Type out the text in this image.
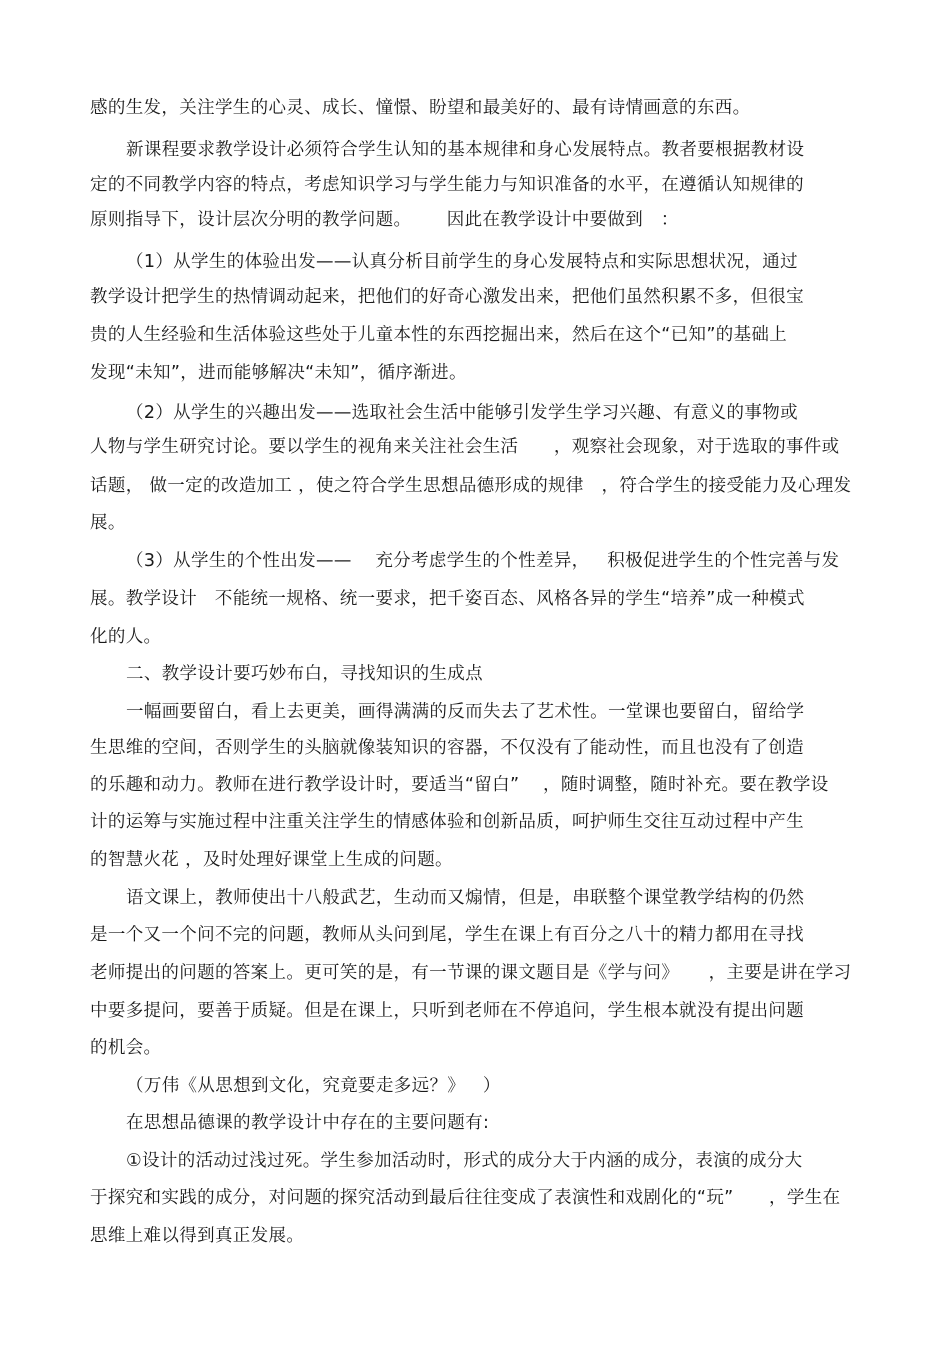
感的生发，关注学生的心灵、成长、憧憬、盼望和最美好的、最有诗情画意的东西。
新课程要求教学设计必须符合学生认知的基本规律和身心发展特点。教者要根据教材设
定的不同教学内容的特点，考虑知识学习与学生能力与知识准备的水平，在遵循认知规律的
原则指导下，设计层次分明的教学问题。      因此在教学设计中要做到   ：
（1）从学生的体验出发——认真分析目前学生的身心发展特点和实际思想状况，通过
教学设计把学生的热情调动起来，把他们的好奇心激发出来，把他们虽然积累不多，但很宝
贵的人生经验和生活体验这些处于儿童本性的东西挖掘出来，然后在这个“已知”的基础上
发现“未知”，进而能够解决“未知”，循序渐进。
（2）从学生的兴趣出发——选取社会生活中能够引发学生学习兴趣、有意义的事物或
人物与学生研究讨论。要以学生的视角来关注社会生活      ，观察社会现象，对于选取的事件或
话题， 做一定的改造加工 ，使之符合学生思想品德形成的规律   ，符合学生的接受能力及心理发
展。
（3）从学生的个性出发——    充分考虑学生的个性差异，   积极促进学生的个性完善与发
展。教学设计   不能统一规格、统一要求，把千姿百态、风格各异的学生“培养”成一种模式
化的人。
二、教学设计要巧妙布白，寻找知识的生成点
一幅画要留白，看上去更美，画得满满的反而失去了艺术性。一堂课也要留白，留给学
生思维的空间，否则学生的头脑就像装知识的容器，不仅没有了能动性，而且也没有了创造
的乐趣和动力。教师在进行教学设计时，要适当“留白”    ，随时调整，随时补充。要在教学设
计的运筹与实施过程中注重关注学生的情感体验和创新品质，呵护师生交往互动过程中产生
的智慧火花 ，及时处理好课堂上生成的问题。
语文课上，教师使出十八般武艺，生动而又煽情，但是，串联整个课堂教学结构的仍然
是一个又一个问不完的问题，教师从头问到尾，学生在课上有百分之八十的精力都用在寻找
老师提出的问题的答案上。更可笑的是，有一节课的课文题目是《学与问》     ，主要是讲在学习
中要多提问，要善于质疑。但是在课上，只听到老师在不停追问，学生根本就没有提出问题
的机会。
（万伟《从思想到文化，究竟要走多远？》   ）
在思想品德课的教学设计中存在的主要问题有:
①设计的活动过浅过死。学生参加活动时，形式的成分大于内涵的成分，表演的成分大
于探究和实践的成分，对问题的探究活动到最后往往变成了表演性和戏剧化的“玩”      ，学生在
思维上难以得到真正发展。
